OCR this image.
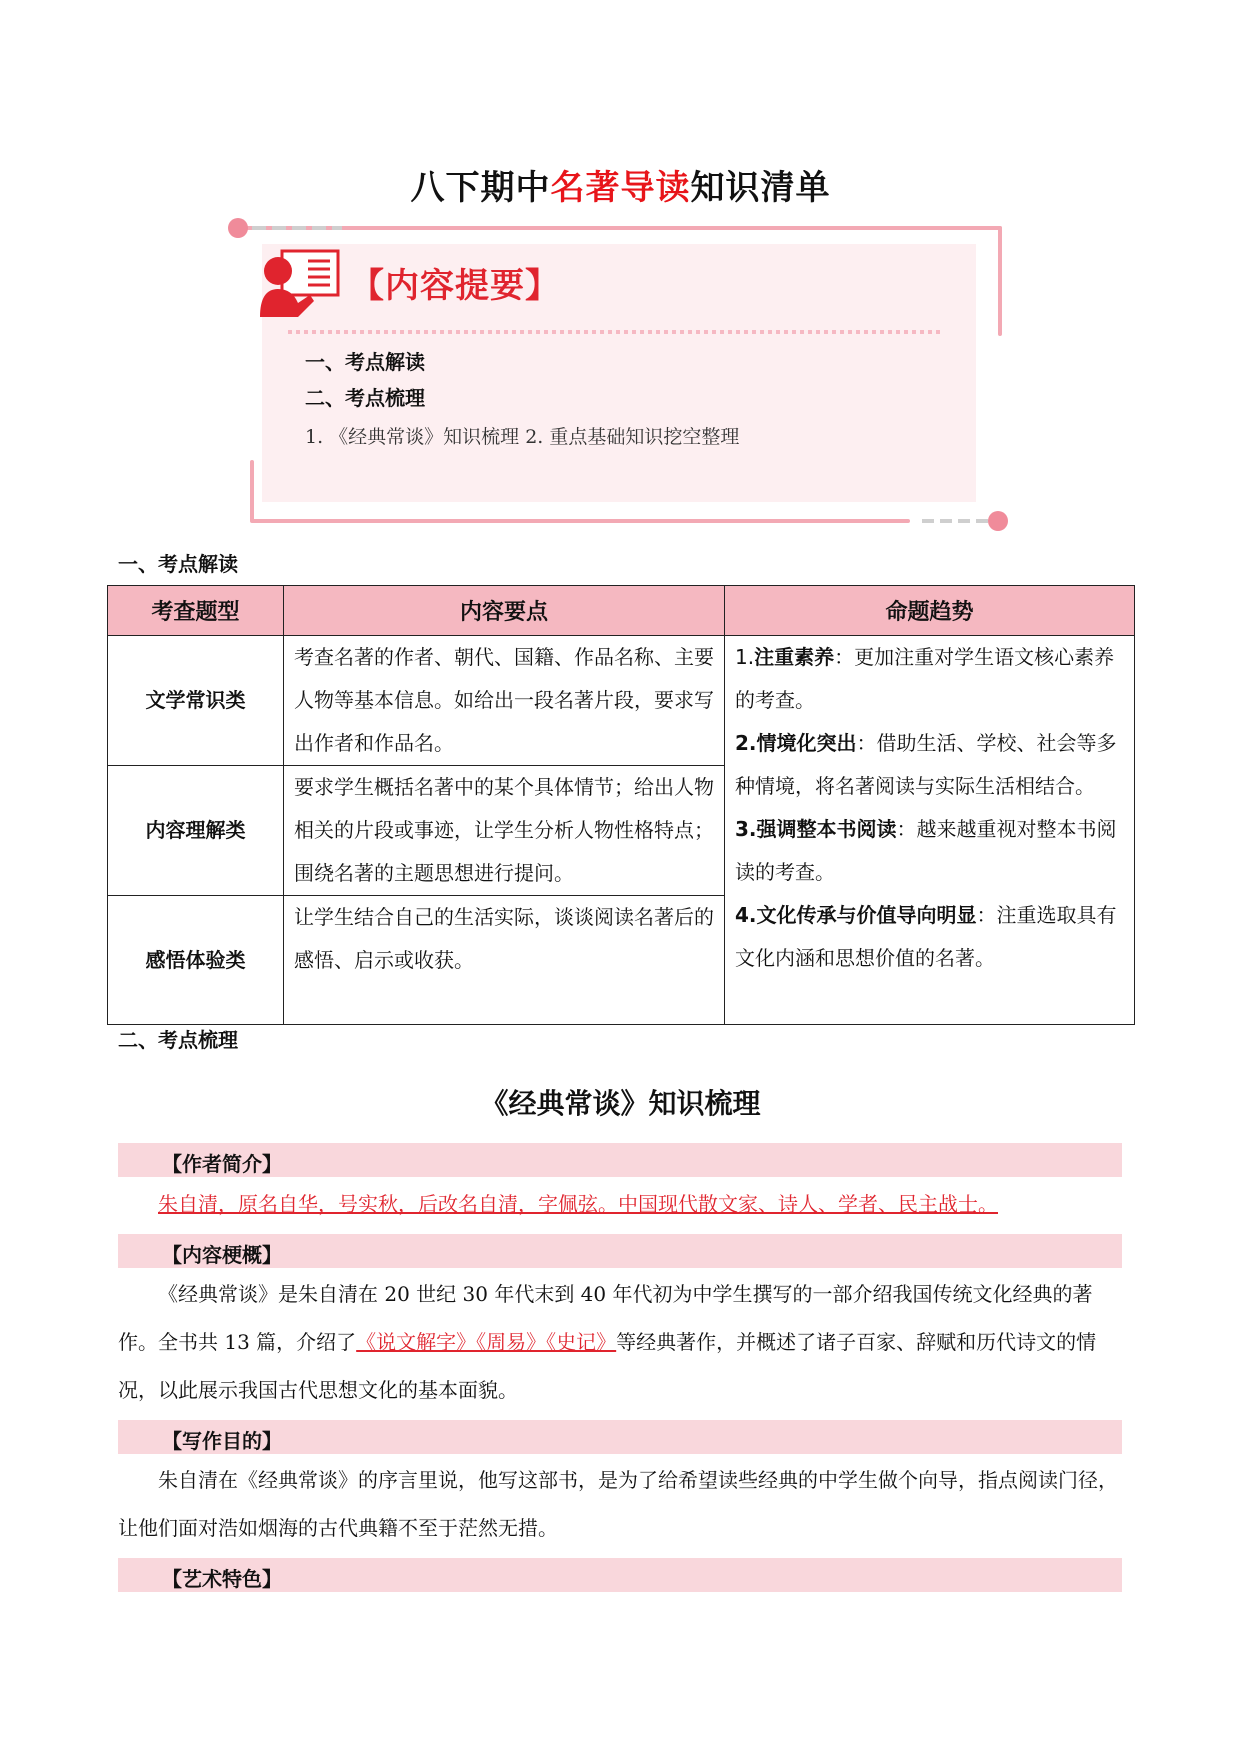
八下期中名著导读知识清单
【内容提要】
一、考点解读
二、考点梳理
1. 《经典常谈》知识梳理 2. 重点基础知识挖空整理
一、考点解读
考查题型	内容要点	命题趋势
文学常识类	考查名著的作者、朝代、国籍、作品名称、主要人物等基本信息。如给出一段名著片段，要求写出作者和作品名。	1.注重素养：更加注重对学生语文核心素养的考查。
2.情境化突出：借助生活、学校、社会等多种情境，将名著阅读与实际生活相结合。
3.强调整本书阅读：越来越重视对整本书阅读的考查。
4.文化传承与价值导向明显：注重选取具有文化内涵和思想价值的名著。

内容理解类	要求学生概括名著中的某个具体情节；给出人物相关的片段或事迹，让学生分析人物性格特点；围绕名著的主题思想进行提问。	
感悟体验类	让学生结合自己的生活实际，谈谈阅读名著后的感悟、启示或收获。	
二、考点梳理
《经典常谈》知识梳理
【作者简介】
朱自清，原名自华，号实秋，后改名自清，字佩弦。中国现代散文家、诗人、学者、民主战士。
【内容梗概】
《经典常谈》是朱自清在 20 世纪 30 年代末到 40 年代初为中学生撰写的一部介绍我国传统文化经典的著作。全书共 13 篇，介绍了《说文解字》《周易》《史记》等经典著作，并概述了诸子百家、辞赋和历代诗文的情况，以此展示我国古代思想文化的基本面貌。
【写作目的】
朱自清在《经典常谈》的序言里说，他写这部书，是为了给希望读些经典的中学生做个向导，指点阅读门径，让他们面对浩如烟海的古代典籍不至于茫然无措。
【艺术特色】
